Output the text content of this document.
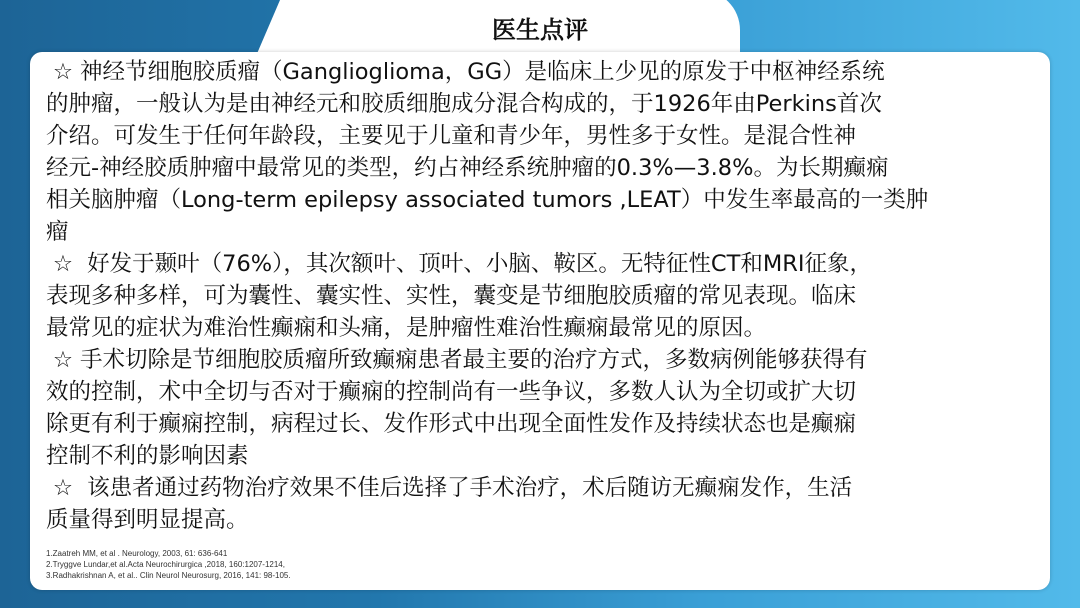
医生点评
☆ 神经节细胞胶质瘤（Ganglioglioma，GG）是临床上少见的原发于中枢神经系统
的肿瘤，一般认为是由神经元和胶质细胞成分混合构成的，于1926年由Perkins首次
介绍。可发生于任何年龄段，主要见于儿童和青少年，男性多于女性。是混合性神
经元-神经胶质肿瘤中最常见的类型，约占神经系统肿瘤的0.3%—3.8%。为长期癫痫
相关脑肿瘤（Long-term epilepsy associated tumors ,LEAT）中发生率最高的一类肿
瘤
☆ 好发于颞叶（76%），其次额叶、顶叶、小脑、鞍区。无特征性CT和MRI征象，
表现多种多样，可为囊性、囊实性、实性，囊变是节细胞胶质瘤的常见表现。临床
最常见的症状为难治性癫痫和头痛，是肿瘤性难治性癫痫最常见的原因。
☆ 手术切除是节细胞胶质瘤所致癫痫患者最主要的治疗方式，多数病例能够获得有
效的控制，术中全切与否对于癫痫的控制尚有一些争议，多数人认为全切或扩大切
除更有利于癫痫控制，病程过长、发作形式中出现全面性发作及持续状态也是癫痫
控制不利的影响因素
☆ 该患者通过药物治疗效果不佳后选择了手术治疗，术后随访无癫痫发作，生活
质量得到明显提高。
1.Zaatreh MM, et al . Neurology, 2003, 61: 636-641
2.Tryggve Lundar,et al.Acta Neurochirurgica ,2018, 160:1207-1214,
3.Radhakrishnan A, et al.. Clin Neurol Neurosurg, 2016, 141: 98-105.
